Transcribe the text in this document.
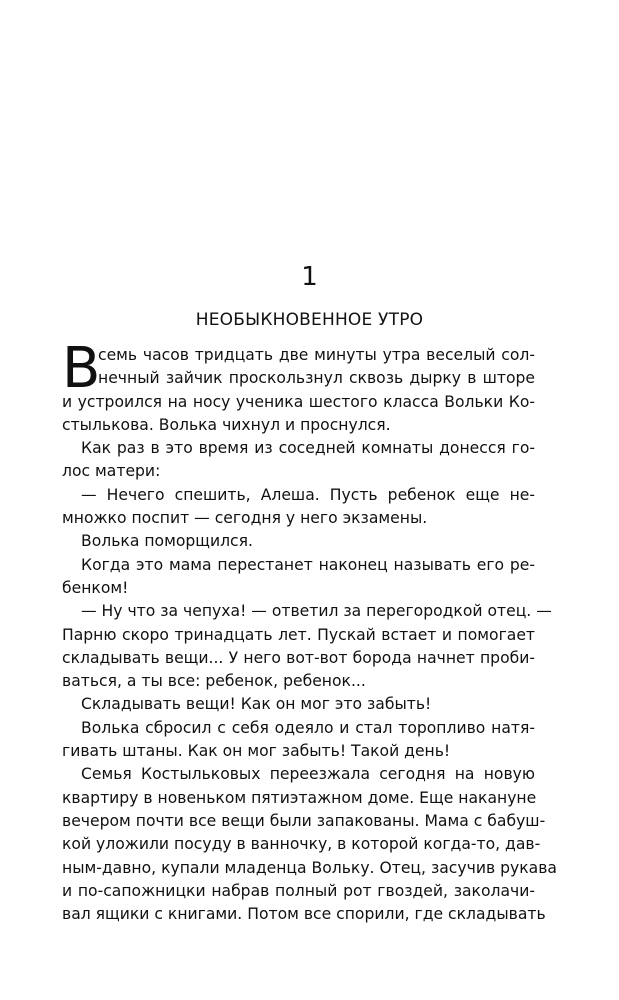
1
НЕОБЫКНОВЕННОЕ УТРО
В
семь часов тридцать две минуты утра веселый сол-
нечный зайчик проскользнул сквозь дырку в шторе
и устроился на носу ученика шестого класса Вольки Ко-
стылькова. Волька чихнул и проснулся.
Как раз в это время из соседней комнаты донесся го-
лос матери:
— Нечего спешить, Алеша. Пусть ребенок еще не-
множко поспит — сегодня у него экзамены.
Волька поморщился.
Когда это мама перестанет наконец называть его ре-
бенком!
— Ну что за чепуха! — ответил за перегородкой отец. —
Парню скоро тринадцать лет. Пускай встает и помогает
складывать вещи... У него вот-вот борода начнет проби-
ваться, а ты все: ребенок, ребенок...
Складывать вещи! Как он мог это забыть!
Волька сбросил с себя одеяло и стал торопливо натя-
гивать штаны. Как он мог забыть! Такой день!
Семья Костыльковых переезжала сегодня на новую
квартиру в новеньком пятиэтажном доме. Еще накануне
вечером почти все вещи были запакованы. Мама с бабуш-
кой уложили посуду в ванночку, в которой когда-то, дав-
ным-давно, купали младенца Вольку. Отец, засучив рукава
и по-сапожницки набрав полный рот гвоздей, заколачи-
вал ящики с книгами. Потом все спорили, где складывать
